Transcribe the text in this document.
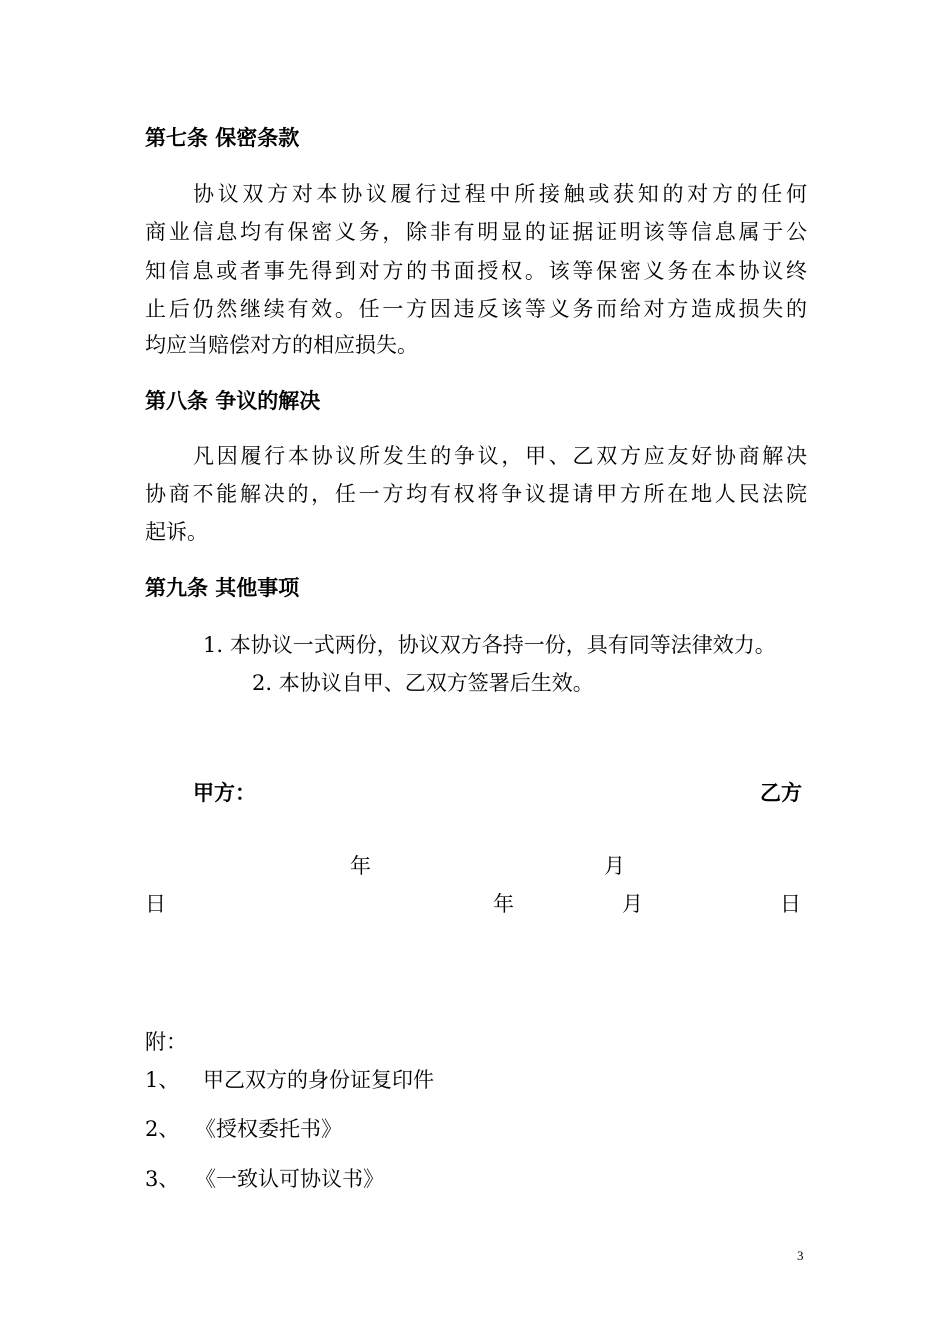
第七条 保密条款
协议双方对本协议履行过程中所接触或获知的对方的任何
商业信息均有保密义务，除非有明显的证据证明该等信息属于公
知信息或者事先得到对方的书面授权。该等保密义务在本协议终
止后仍然继续有效。任一方因违反该等义务而给对方造成损失的
均应当赔偿对方的相应损失。
第八条 争议的解决
凡因履行本协议所发生的争议，甲、乙双方应友好协商解决
协商不能解决的，任一方均有权将争议提请甲方所在地人民法院
起诉。
第九条 其他事项
1. 本协议一式两份，协议双方各持一份，具有同等法律效力。
2. 本协议自甲、乙双方签署后生效。
甲方：	乙方
年	月
日	年	月	日
附：
1、 甲乙双方的身份证复印件
2、 《授权委托书》
3、 《一致认可协议书》
3
